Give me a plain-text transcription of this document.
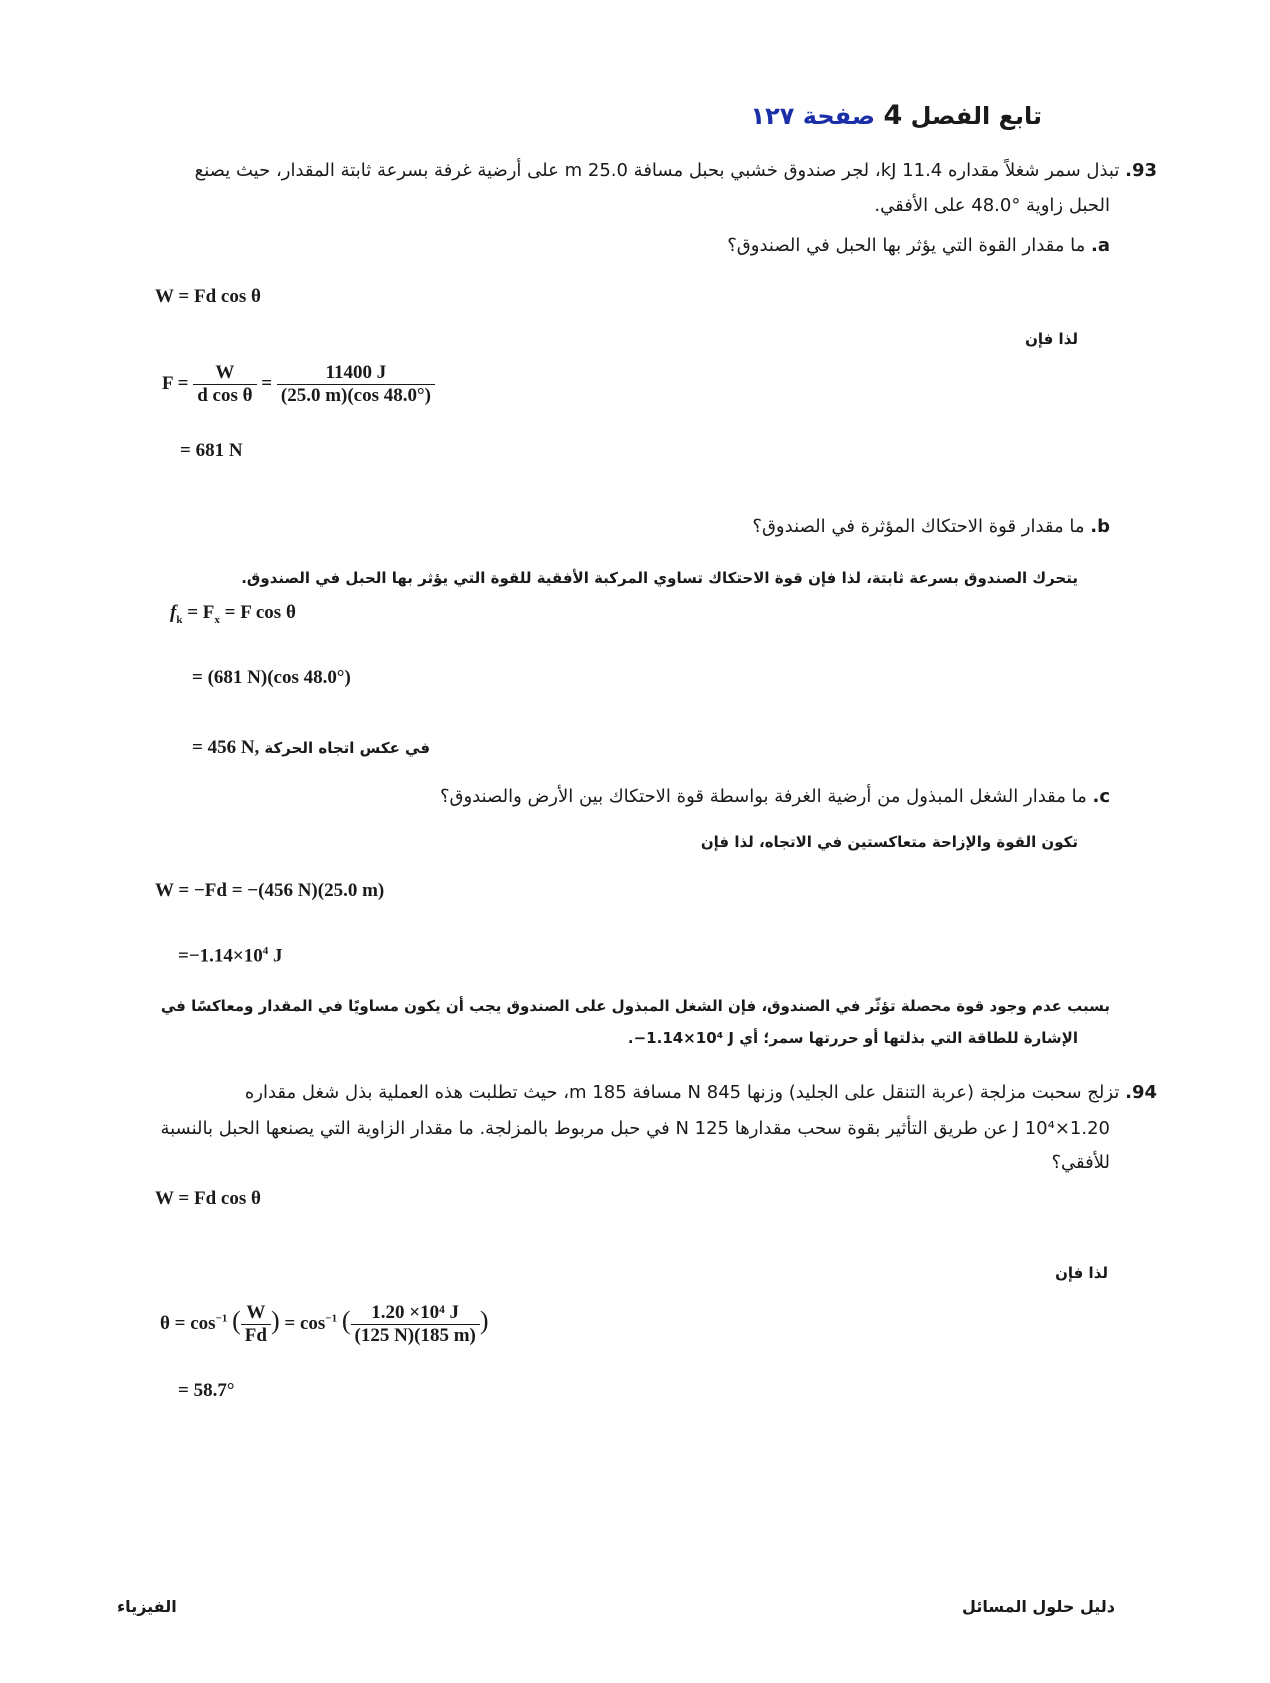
تابع الفصل 4 صفحة ١٢٧
93. تبذل سمر شغلاً مقداره 11.4 kJ، لجر صندوق خشبي بحبل مسافة 25.0 m على أرضية غرفة بسرعة ثابتة المقدار، حيث يصنع
الحبل زاوية °48.0 على الأفقي.
a. ما مقدار القوة التي يؤثر بها الحبل في الصندوق؟
W = Fd cos θ
لذا فإن
$F = \frac{W}{\text{d cos θ}} = \frac{11400 J}{(25.0 m)(\cos 48.0^\circ)}$
= 681 N
b. ما مقدار قوة الاحتكاك المؤثرة في الصندوق؟
يتحرك الصندوق بسرعة ثابتة، لذا فإن قوة الاحتكاك تساوي المركبة الأفقية للقوة التي يؤثر بها الحبل في الصندوق.
$f_k = F_x = F$ cos θ
= (681 N)(cos 48.0°)
= 456 N, في عكس اتجاه الحركة
c. ما مقدار الشغل المبذول من أرضية الغرفة بواسطة قوة الاحتكاك بين الأرض والصندوق؟
تكون القوة والإزاحة متعاكستين في الاتجاه، لذا فإن
W = −Fd = −(456 N)(25.0 m)
$=-1.14\times 10^4$ J
بسبب عدم وجود قوة محصلة تؤثّر في الصندوق، فإن الشغل المبذول على الصندوق يجب أن يكون مساويًا في المقدار ومعاكسًا في
الإشارة للطاقة التي بذلتها أو حررتها سمر؛ أي ‎−1.14×10⁴ J.
94. تزلج سحبت مزلجة (عربة التنقل على الجليد) وزنها 845 N مسافة 185 m، حيث تطلبت هذه العملية بذل شغل مقداره
1.20×10⁴ J عن طريق التأثير بقوة سحب مقدارها 125 N في حبل مربوط بالمزلجة. ما مقدار الزاوية التي يصنعها الحبل بالنسبة
للأفقي؟
W = Fd cos θ
لذا فإن
$\theta = \cos^{-1}$ ( $\frac{W}{Fd}$ ) = $\cos^{-1}$ ( $\frac{\text{1.20 ×10⁴ J}}{(125 N)(185 m)}$ )
= 58.7°
الفيزياء	دليل حلول المسائل
